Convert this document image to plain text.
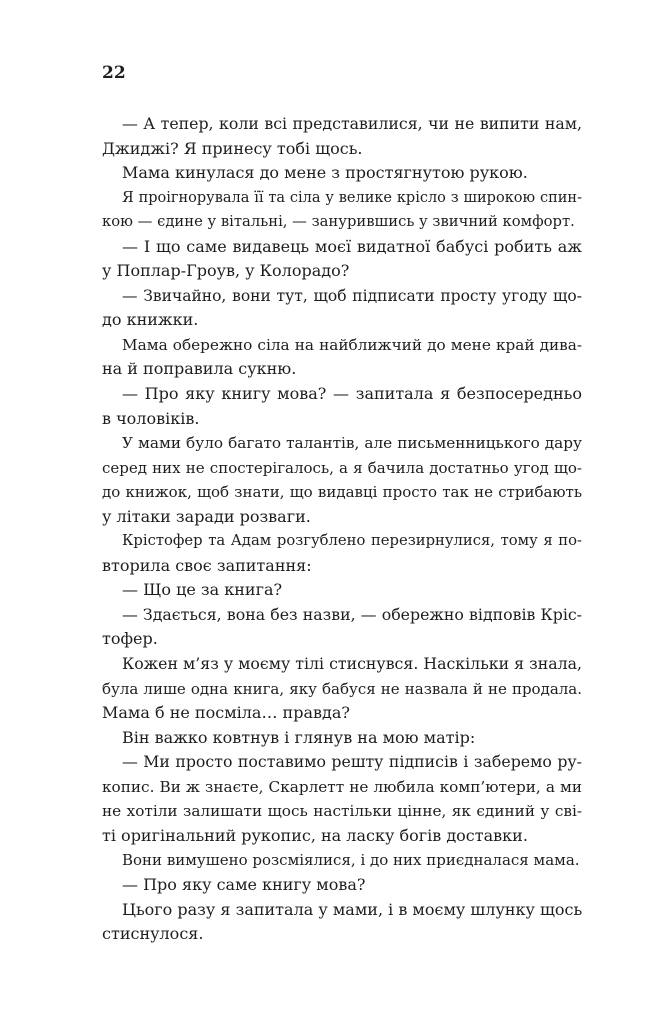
22
— А тепер, коли всі представилися, чи не випити нам,
Джиджі? Я принесу тобі щось.
Мама кинулася до мене з простягнутою рукою.
Я проігнорувала її та сіла у велике крісло з широкою спин-
кою — єдине у вітальні, — занурившись у звичний комфорт.
— І що саме видавець моєї видатної бабусі робить аж
у Поплар-Гроув, у Колорадо?
— Звичайно, вони тут, щоб підписати просту угоду що-
до книжки.
Мама обережно сіла на найближчий до мене край дива-
на й поправила сукню.
— Про яку книгу мова? — запитала я безпосередньо
в чоловіків.
У мами було багато талантів, але письменницького дару
серед них не спостерігалось, а я бачила достатньо угод що-
до книжок, щоб знати, що видавці просто так не стрибають
у літаки заради розваги.
Крістофер та Адам розгублено перезирнулися, тому я по-
вторила своє запитання:
— Що це за книга?
— Здається, вона без назви, — обережно відповів Кріс-
тофер.
Кожен м’яз у моєму тілі стиснувся. Наскільки я знала,
була лише одна книга, яку бабуся не назвала й не продала.
Мама б не посміла… правда?
Він важко ковтнув і глянув на мою матір:
— Ми просто поставимо решту підписів і заберемо ру-
копис. Ви ж знаєте, Скарлетт не любила комп’ютери, а ми
не хотіли залишати щось настільки цінне, як єдиний у сві-
ті оригінальний рукопис, на ласку богів доставки.
Вони вимушено розсміялися, і до них приєдналася мама.
— Про яку саме книгу мова?
Цього разу я запитала у мами, і в моєму шлунку щось
стиснулося.
